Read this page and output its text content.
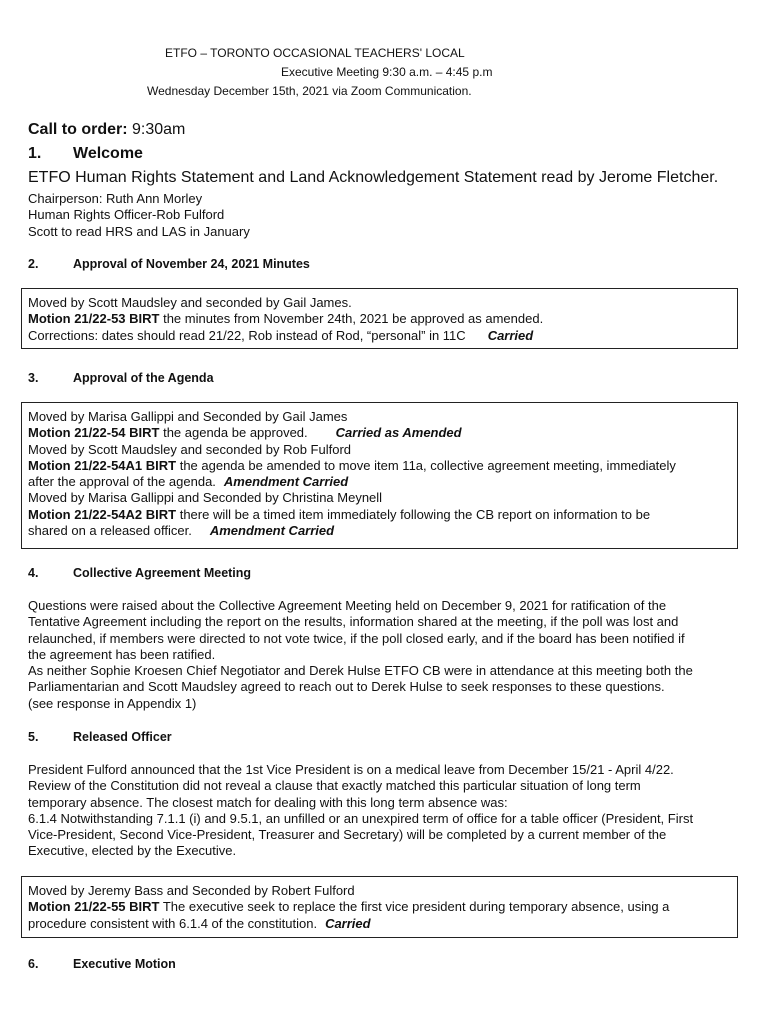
ETFO – TORONTO OCCASIONAL TEACHERS' LOCAL
Executive Meeting 9:30 a.m. – 4:45 p.m
Wednesday December 15th, 2021 via Zoom Communication.
Call to order: 9:30am
1. Welcome
ETFO Human Rights Statement and Land Acknowledgement Statement read by Jerome Fletcher.
Chairperson: Ruth Ann Morley
Human Rights Officer-Rob Fulford
Scott to read HRS and LAS in January
2.	Approval of November 24, 2021 Minutes
Moved by Scott Maudsley and seconded by Gail James.
Motion 21/22-53 BIRT the minutes from November 24th, 2021 be approved as amended.
Corrections: dates should read 21/22, Rob instead of Rod, “personal” in 11C Carried
3.	Approval of the Agenda
Moved by Marisa Gallippi and Seconded by Gail James
Motion 21/22-54 BIRT the agenda be approved. Carried as Amended
Moved by Scott Maudsley and seconded by Rob Fulford
Motion 21/22-54A1 BIRT the agenda be amended to move item 11a, collective agreement meeting, immediately
after the approval of the agenda. Amendment Carried
Moved by Marisa Gallippi and Seconded by Christina Meynell
Motion 21/22-54A2 BIRT there will be a timed item immediately following the CB report on information to be
shared on a released officer. Amendment Carried
4.	Collective Agreement Meeting
Questions were raised about the Collective Agreement Meeting held on December 9, 2021 for ratification of the
Tentative Agreement including the report on the results, information shared at the meeting, if the poll was lost and
relaunched, if members were directed to not vote twice, if the poll closed early, and if the board has been notified if
the agreement has been ratified.
As neither Sophie Kroesen Chief Negotiator and Derek Hulse ETFO CB were in attendance at this meeting both the
Parliamentarian and Scott Maudsley agreed to reach out to Derek Hulse to seek responses to these questions.
(see response in Appendix 1)
5.	Released Officer
President Fulford announced that the 1st Vice President is on a medical leave from December 15/21 - April 4/22.
Review of the Constitution did not reveal a clause that exactly matched this particular situation of long term
temporary absence. The closest match for dealing with this long term absence was:
6.1.4 Notwithstanding 7.1.1 (i) and 9.5.1, an unfilled or an unexpired term of office for a table officer (President, First
Vice-President, Second Vice-President, Treasurer and Secretary) will be completed by a current member of the
Executive, elected by the Executive.
Moved by Jeremy Bass and Seconded by Robert Fulford
Motion 21/22-55 BIRT The executive seek to replace the first vice president during temporary absence, using a
procedure consistent with 6.1.4 of the constitution. Carried
6.	Executive Motion
